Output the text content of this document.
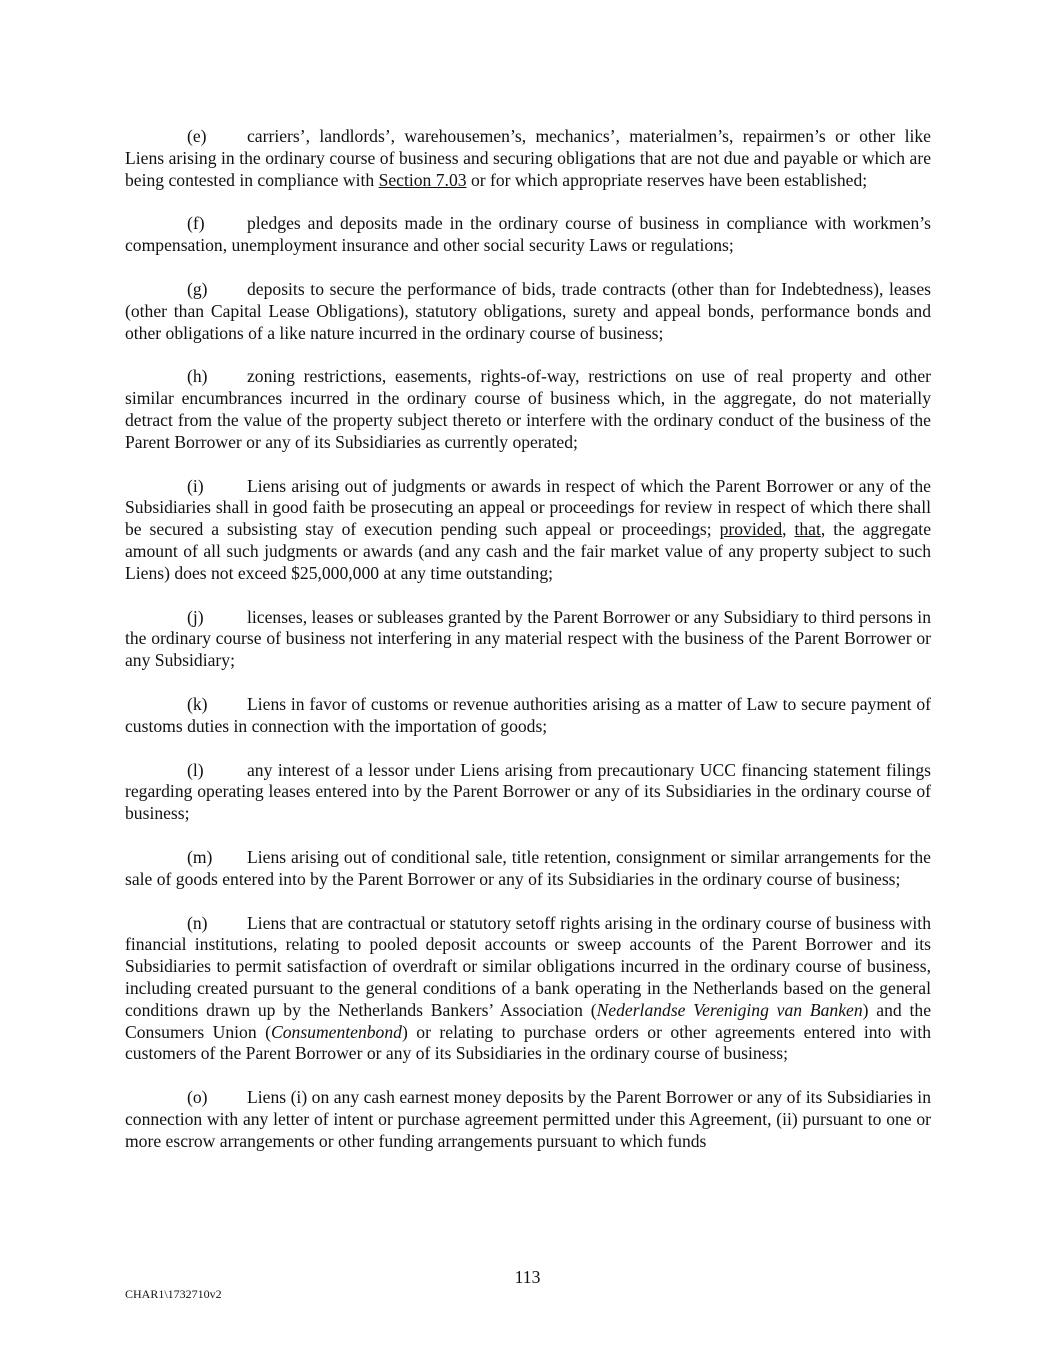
(e) carriers’, landlords’, warehousemen’s, mechanics’, materialmen’s, repairmen’s or other like Liens arising in the ordinary course of business and securing obligations that are not due and payable or which are being contested in compliance with Section 7.03 or for which appropriate reserves have been established;

(f) pledges and deposits made in the ordinary course of business in compliance with workmen’s compensation, unemployment insurance and other social security Laws or regulations;

(g) deposits to secure the performance of bids, trade contracts (other than for Indebtedness), leases (other than Capital Lease Obligations), statutory obligations, surety and appeal bonds, performance bonds and other obligations of a like nature incurred in the ordinary course of business;

(h) zoning restrictions, easements, rights-of-way, restrictions on use of real property and other similar encumbrances incurred in the ordinary course of business which, in the aggregate, do not materially detract from the value of the property subject thereto or interfere with the ordinary conduct of the business of the Parent Borrower or any of its Subsidiaries as currently operated;

(i) Liens arising out of judgments or awards in respect of which the Parent Borrower or any of the Subsidiaries shall in good faith be prosecuting an appeal or proceedings for review in respect of which there shall be secured a subsisting stay of execution pending such appeal or proceedings; provided, that, the aggregate amount of all such judgments or awards (and any cash and the fair market value of any property subject to such Liens) does not exceed $25,000,000 at any time outstanding;

(j) licenses, leases or subleases granted by the Parent Borrower or any Subsidiary to third persons in the ordinary course of business not interfering in any material respect with the business of the Parent Borrower or any Subsidiary;

(k) Liens in favor of customs or revenue authorities arising as a matter of Law to secure payment of customs duties in connection with the importation of goods;

(l) any interest of a lessor under Liens arising from precautionary UCC financing statement filings regarding operating leases entered into by the Parent Borrower or any of its Subsidiaries in the ordinary course of business;

(m) Liens arising out of conditional sale, title retention, consignment or similar arrangements for the sale of goods entered into by the Parent Borrower or any of its Subsidiaries in the ordinary course of business;

(n) Liens that are contractual or statutory setoff rights arising in the ordinary course of business with financial institutions, relating to pooled deposit accounts or sweep accounts of the Parent Borrower and its Subsidiaries to permit satisfaction of overdraft or similar obligations incurred in the ordinary course of business, including created pursuant to the general conditions of a bank operating in the Netherlands based on the general conditions drawn up by the Netherlands Bankers’ Association (Nederlandse Vereniging van Banken) and the Consumers Union (Consumentenbond) or relating to purchase orders or other agreements entered into with customers of the Parent Borrower or any of its Subsidiaries in the ordinary course of business;

(o) Liens (i) on any cash earnest money deposits by the Parent Borrower or any of its Subsidiaries in connection with any letter of intent or purchase agreement permitted under this Agreement, (ii) pursuant to one or more escrow arrangements or other funding arrangements pursuant to which funds

113
CHAR1\1732710v2
